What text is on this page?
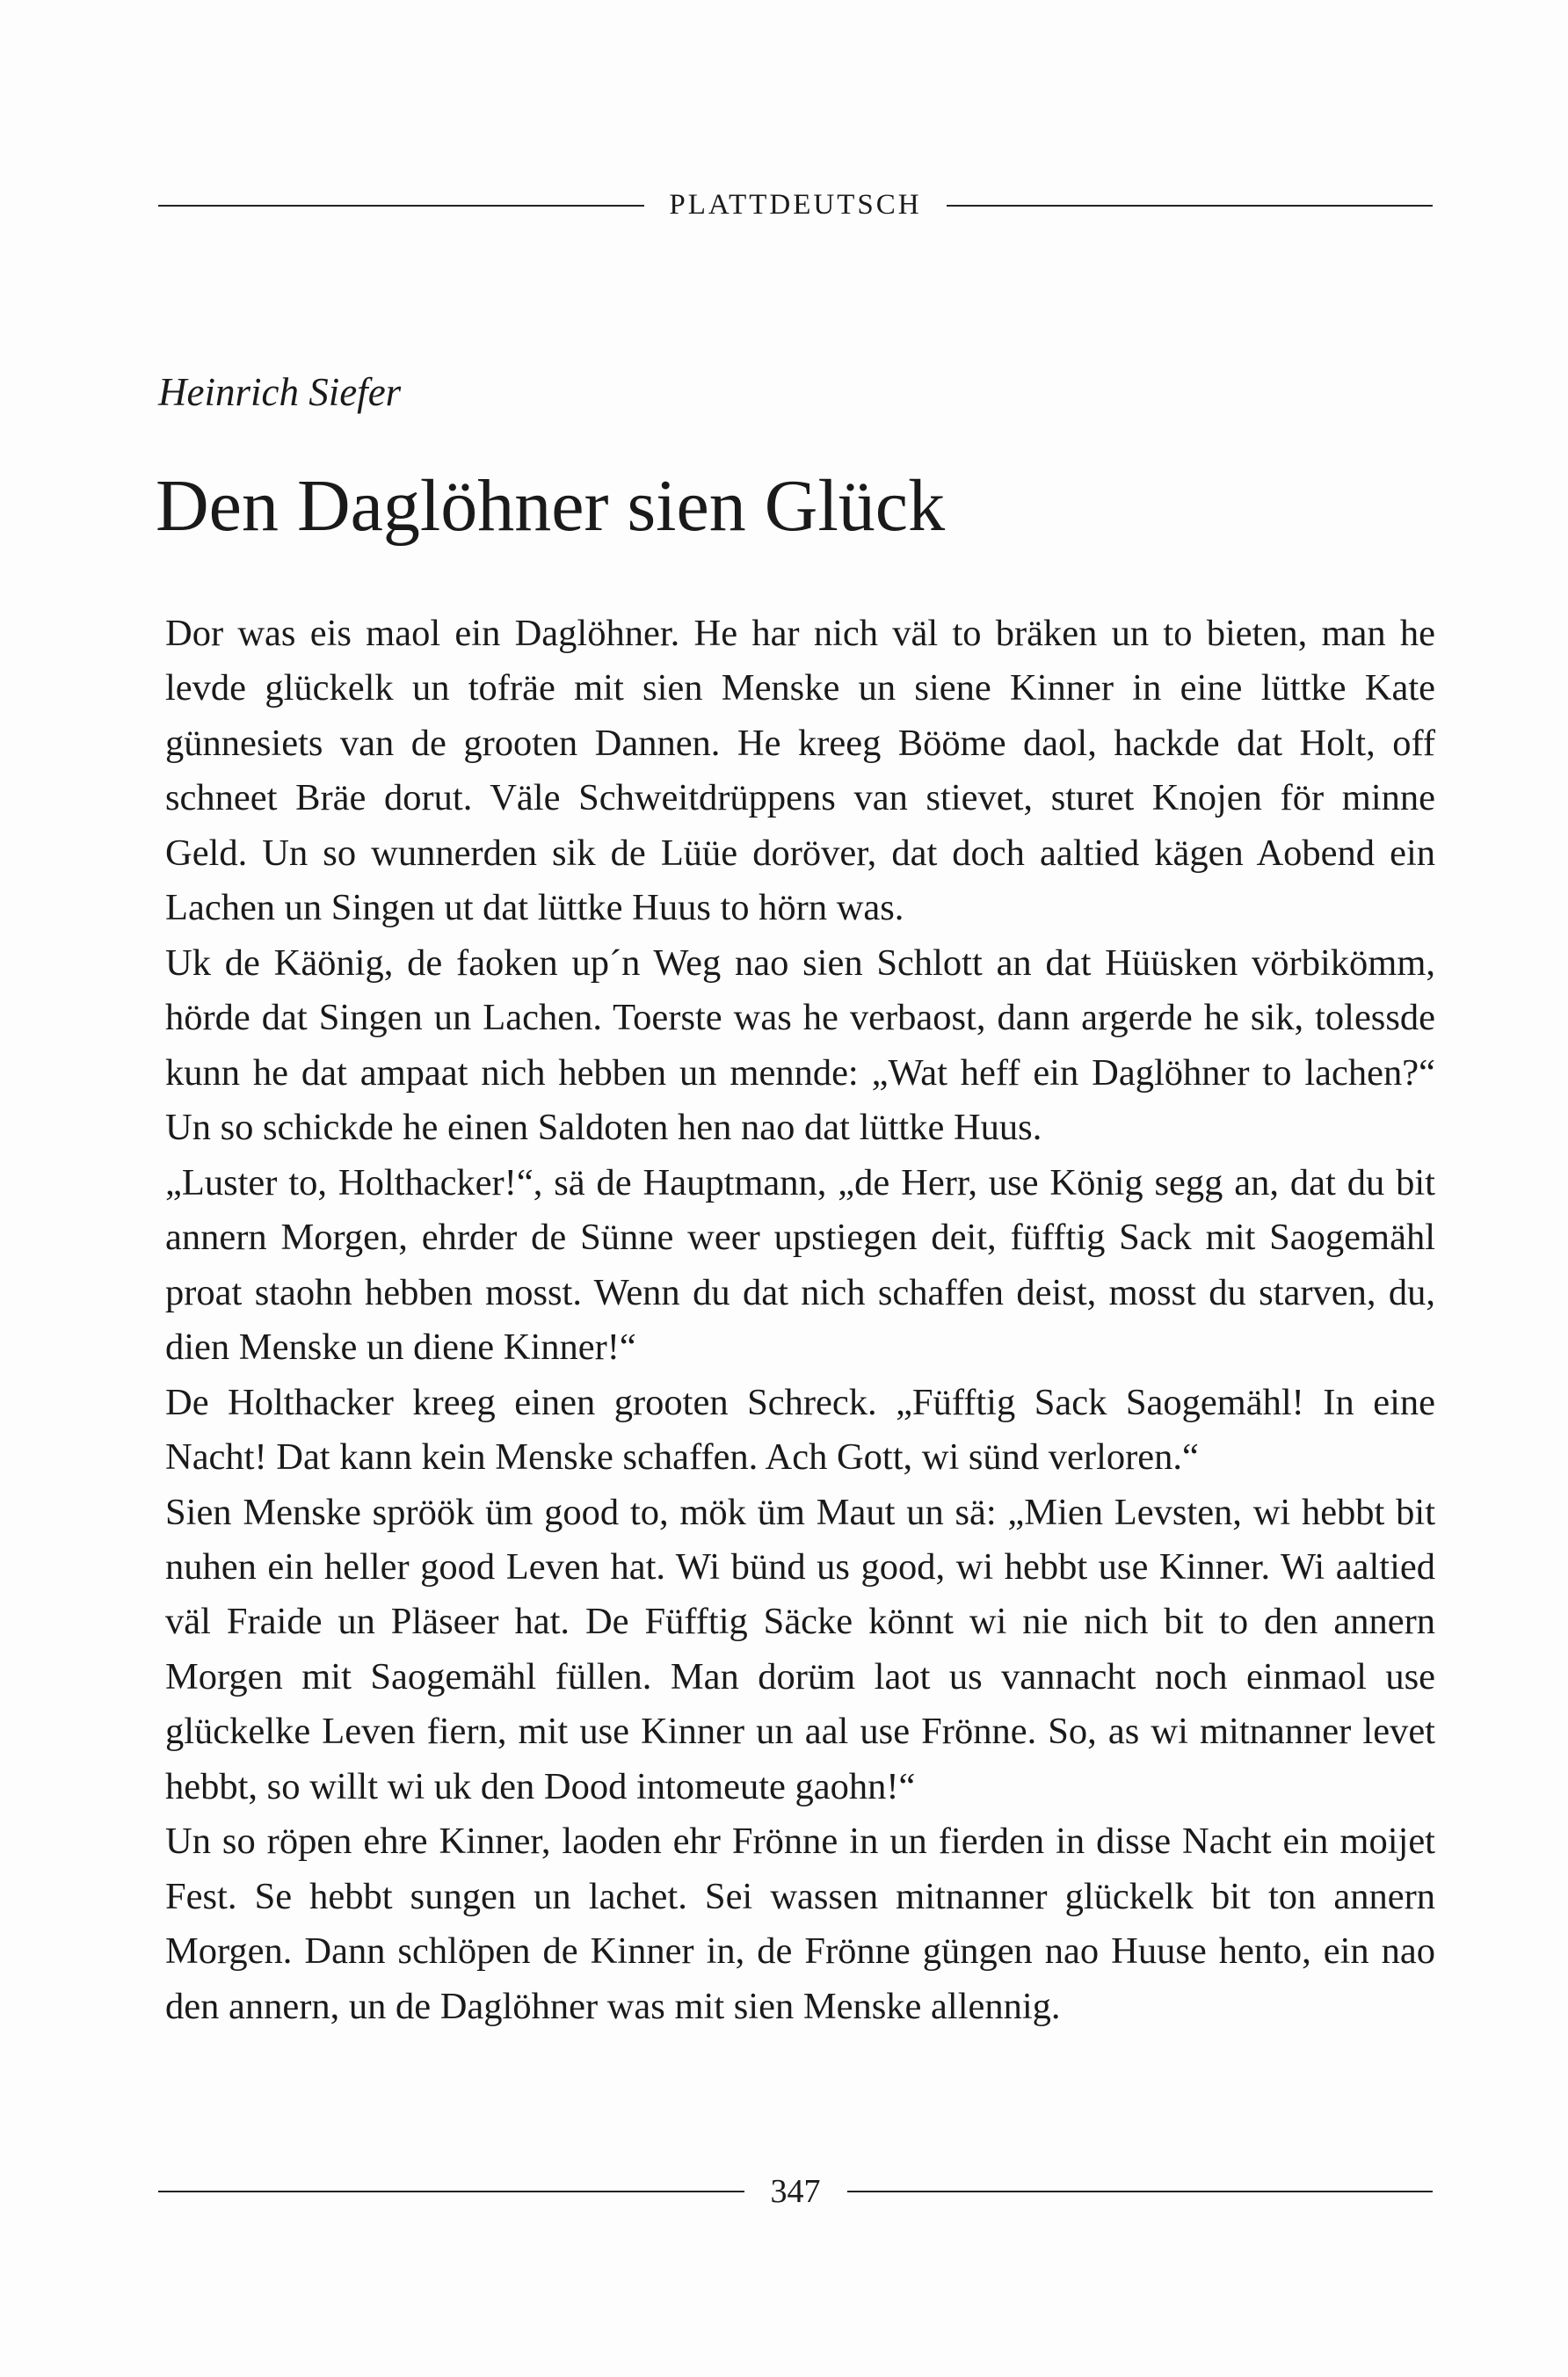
PLATTDEUTSCH
Heinrich Siefer
Den Daglöhner sien Glück

Dor was eis maol ein Daglöhner. He har nich väl to bräken un to bieten, man he levde glückelk un tofräe mit sien Menske un siene Kinner in eine lüttke Kate günnesiets van de grooten Dannen. He kreeg Bööme daol, hackde dat Holt, off schneet Bräe dorut. Väle Schweitdrüppens van stievet, sturet Knojen för minne Geld. Un so wunnerden sik de Lüüe doröver, dat doch aaltied kägen Aobend ein Lachen un Singen ut dat lüttke Huus to hörn was.

Uk de Käönig, de faoken up´n Weg nao sien Schlott an dat Hüüsken vörbikömm, hörde dat Singen un Lachen. Toerste was he verbaost, dann argerde he sik, tolessde kunn he dat ampaat nich hebben un mennde: „Wat heff ein Daglöhner to lachen?“ Un so schickde he einen Saldoten hen nao dat lüttke Huus.

„Luster to, Holthacker!“, sä de Hauptmann, „de Herr, use König segg an, dat du bit annern Morgen, ehrder de Sünne weer upstiegen deit, füfftig Sack mit Saogemähl proat staohn hebben mosst. Wenn du dat nich schaffen deist, mosst du starven, du, dien Menske un diene Kinner!“

De Holthacker kreeg einen grooten Schreck. „Füfftig Sack Saogemähl! In eine Nacht! Dat kann kein Menske schaffen. Ach Gott, wi sünd verloren.“

Sien Menske spröök üm good to, mök üm Maut un sä: „Mien Levsten, wi hebbt bit nuhen ein heller good Leven hat. Wi bünd us good, wi hebbt use Kinner. Wi aaltied väl Fraide un Pläseer hat. De Füfftig Säcke könnt wi nie nich bit to den annern Morgen mit Saogemähl füllen. Man dorüm laot us vannacht noch einmaol use glückelke Leven fiern, mit use Kinner un aal use Frönne. So, as wi mitnanner levet hebbt, so willt wi uk den Dood intomeute gaohn!“

Un so röpen ehre Kinner, laoden ehr Frönne in un fierden in disse Nacht ein moijet Fest. Se hebbt sungen un lachet. Sei wassen mitnanner glückelk bit ton annern Morgen. Dann schlöpen de Kinner in, de Frönne güngen nao Huuse hento, ein nao den annern, un de Daglöhner was mit sien Menske allennig.

347
